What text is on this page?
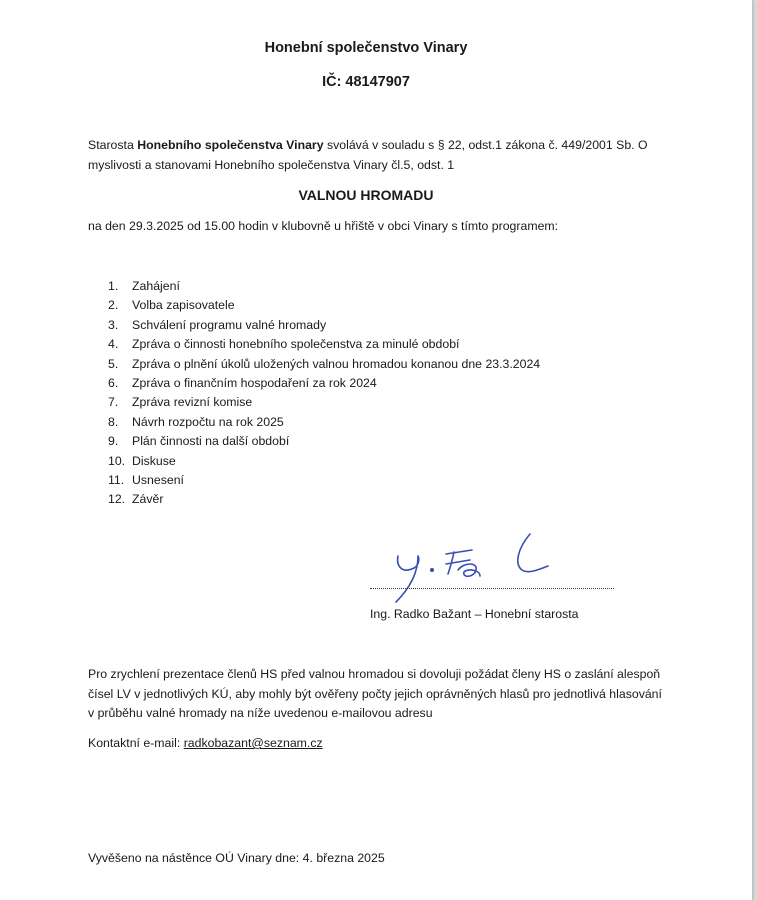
Honební společenstvo Vinary
IČ: 48147907
Starosta Honebního společenstva Vinary svolává v souladu s § 22, odst.1 zákona č. 449/2001 Sb. O myslivosti a stanovami Honebního společenstva Vinary čl.5, odst. 1
VALNOU HROMADU
na den 29.3.2025 od 15.00 hodin v klubovně u hřiště v obci Vinary s tímto programem:
1. Zahájení
2. Volba zapisovatele
3. Schválení programu valné hromady
4. Zpráva o činnosti honebního společenstva za minulé období
5. Zpráva o plnění úkolů uložených valnou hromadou konanou dne 23.3.2024
6. Zpráva o finančním hospodaření za rok 2024
7. Zpráva revizní komise
8. Návrh rozpočtu na rok 2025
9. Plán činnosti na další období
10. Diskuse
11. Usnesení
12. Závěr
Ing. Radko Bažant – Honební starosta
Pro zrychlení prezentace členů HS před valnou hromadou si dovoluji požádat členy HS o zaslání alespoň čísel LV v jednotlivých KÚ, aby mohly být ověřeny počty jejich oprávněných hlasů pro jednotlivá hlasování v průběhu valné hromady na níže uvedenou e-mailovou adresu
Kontaktní e-mail: radkobazant@seznam.cz
Vyvěšeno na nástěnce OÚ Vinary dne: 4. března 2025
